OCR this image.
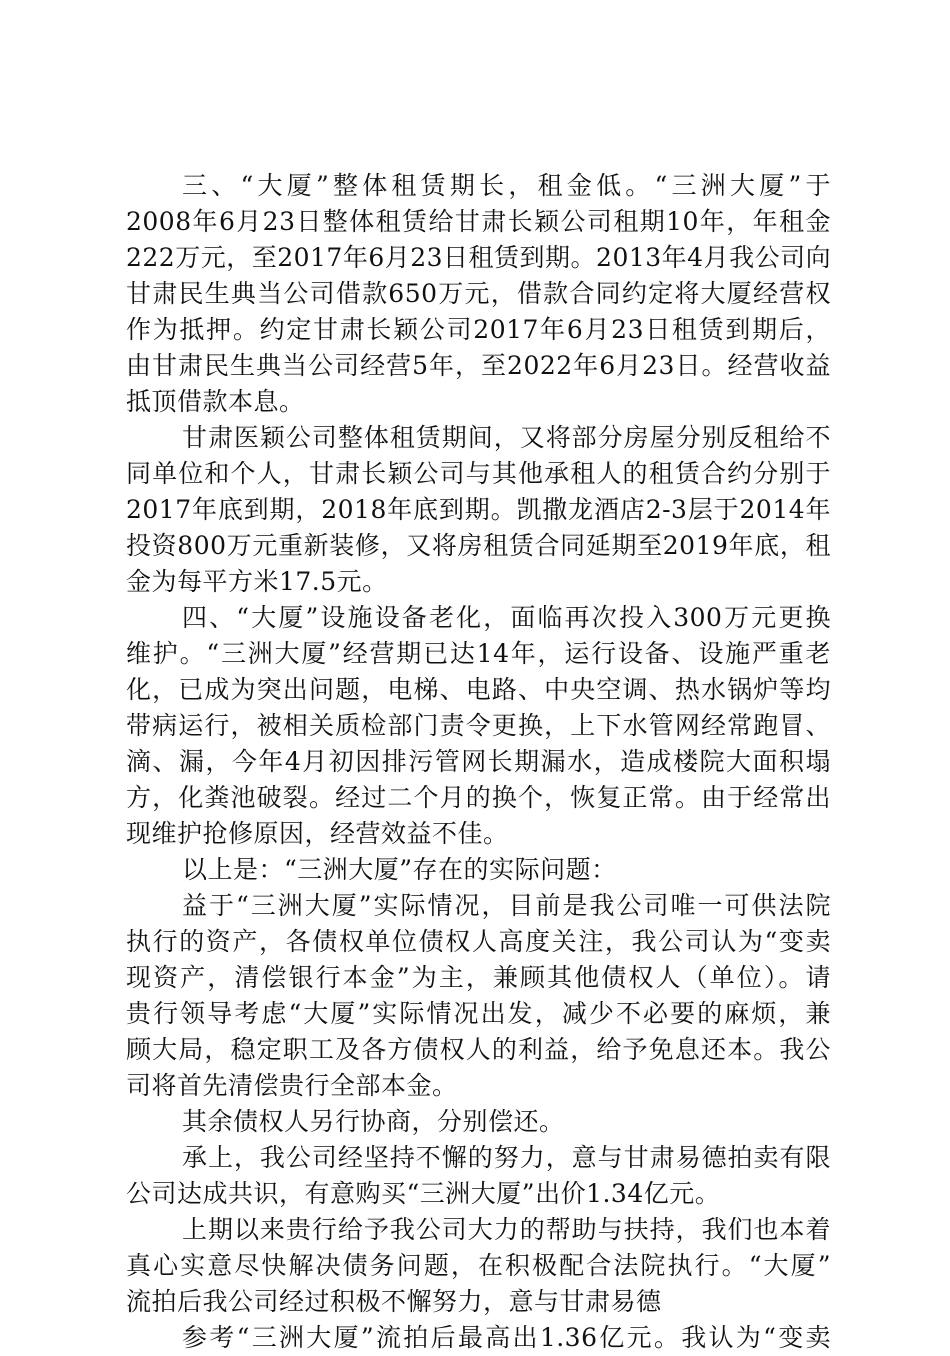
三、“大厦”整体租赁期长，租金低。“三洲大厦”于
2008年6月23日整体租赁给甘肃长颖公司租期10年，年租金
222万元，至2017年6月23日租赁到期。2013年4月我公司向
甘肃民生典当公司借款650万元，借款合同约定将大厦经营权
作为抵押。约定甘肃长颖公司2017年6月23日租赁到期后，
由甘肃民生典当公司经营5年，至2022年6月23日。经营收益
抵顶借款本息。
甘肃医颖公司整体租赁期间，又将部分房屋分别反租给不
同单位和个人，甘肃长颖公司与其他承租人的租赁合约分别于
2017年底到期，2018年底到期。凯撒龙酒店2-3层于2014年
投资800万元重新装修，又将房租赁合同延期至2019年底，租
金为每平方米17.5元。
四、“大厦”设施设备老化，面临再次投入300万元更换
维护。“三洲大厦”经营期已达14年，运行设备、设施严重老
化，已成为突出问题，电梯、电路、中央空调、热水锅炉等均
带病运行，被相关质检部门责令更换，上下水管网经常跑冒、
滴、漏，今年4月初因排污管网长期漏水，造成楼院大面积塌
方，化粪池破裂。经过二个月的换个，恢复正常。由于经常出
现维护抢修原因，经营效益不佳。
以上是：“三洲大厦”存在的实际问题：
益于“三洲大厦”实际情况，目前是我公司唯一可供法院
执行的资产，各债权单位债权人高度关注，我公司认为“变卖
现资产，清偿银行本金”为主，兼顾其他债权人（单位）。请
贵行领导考虑“大厦”实际情况出发，减少不必要的麻烦，兼
顾大局，稳定职工及各方债权人的利益，给予免息还本。我公
司将首先清偿贵行全部本金。
其余债权人另行协商，分别偿还。
承上，我公司经坚持不懈的努力，意与甘肃易德拍卖有限
公司达成共识，有意购买“三洲大厦”出价1.34亿元。
上期以来贵行给予我公司大力的帮助与扶持，我们也本着
真心实意尽快解决债务问题，在积极配合法院执行。“大厦”
流拍后我公司经过积极不懈努力，意与甘肃易德
参考“三洲大厦”流拍后最高出1.36亿元。我认为“变卖
